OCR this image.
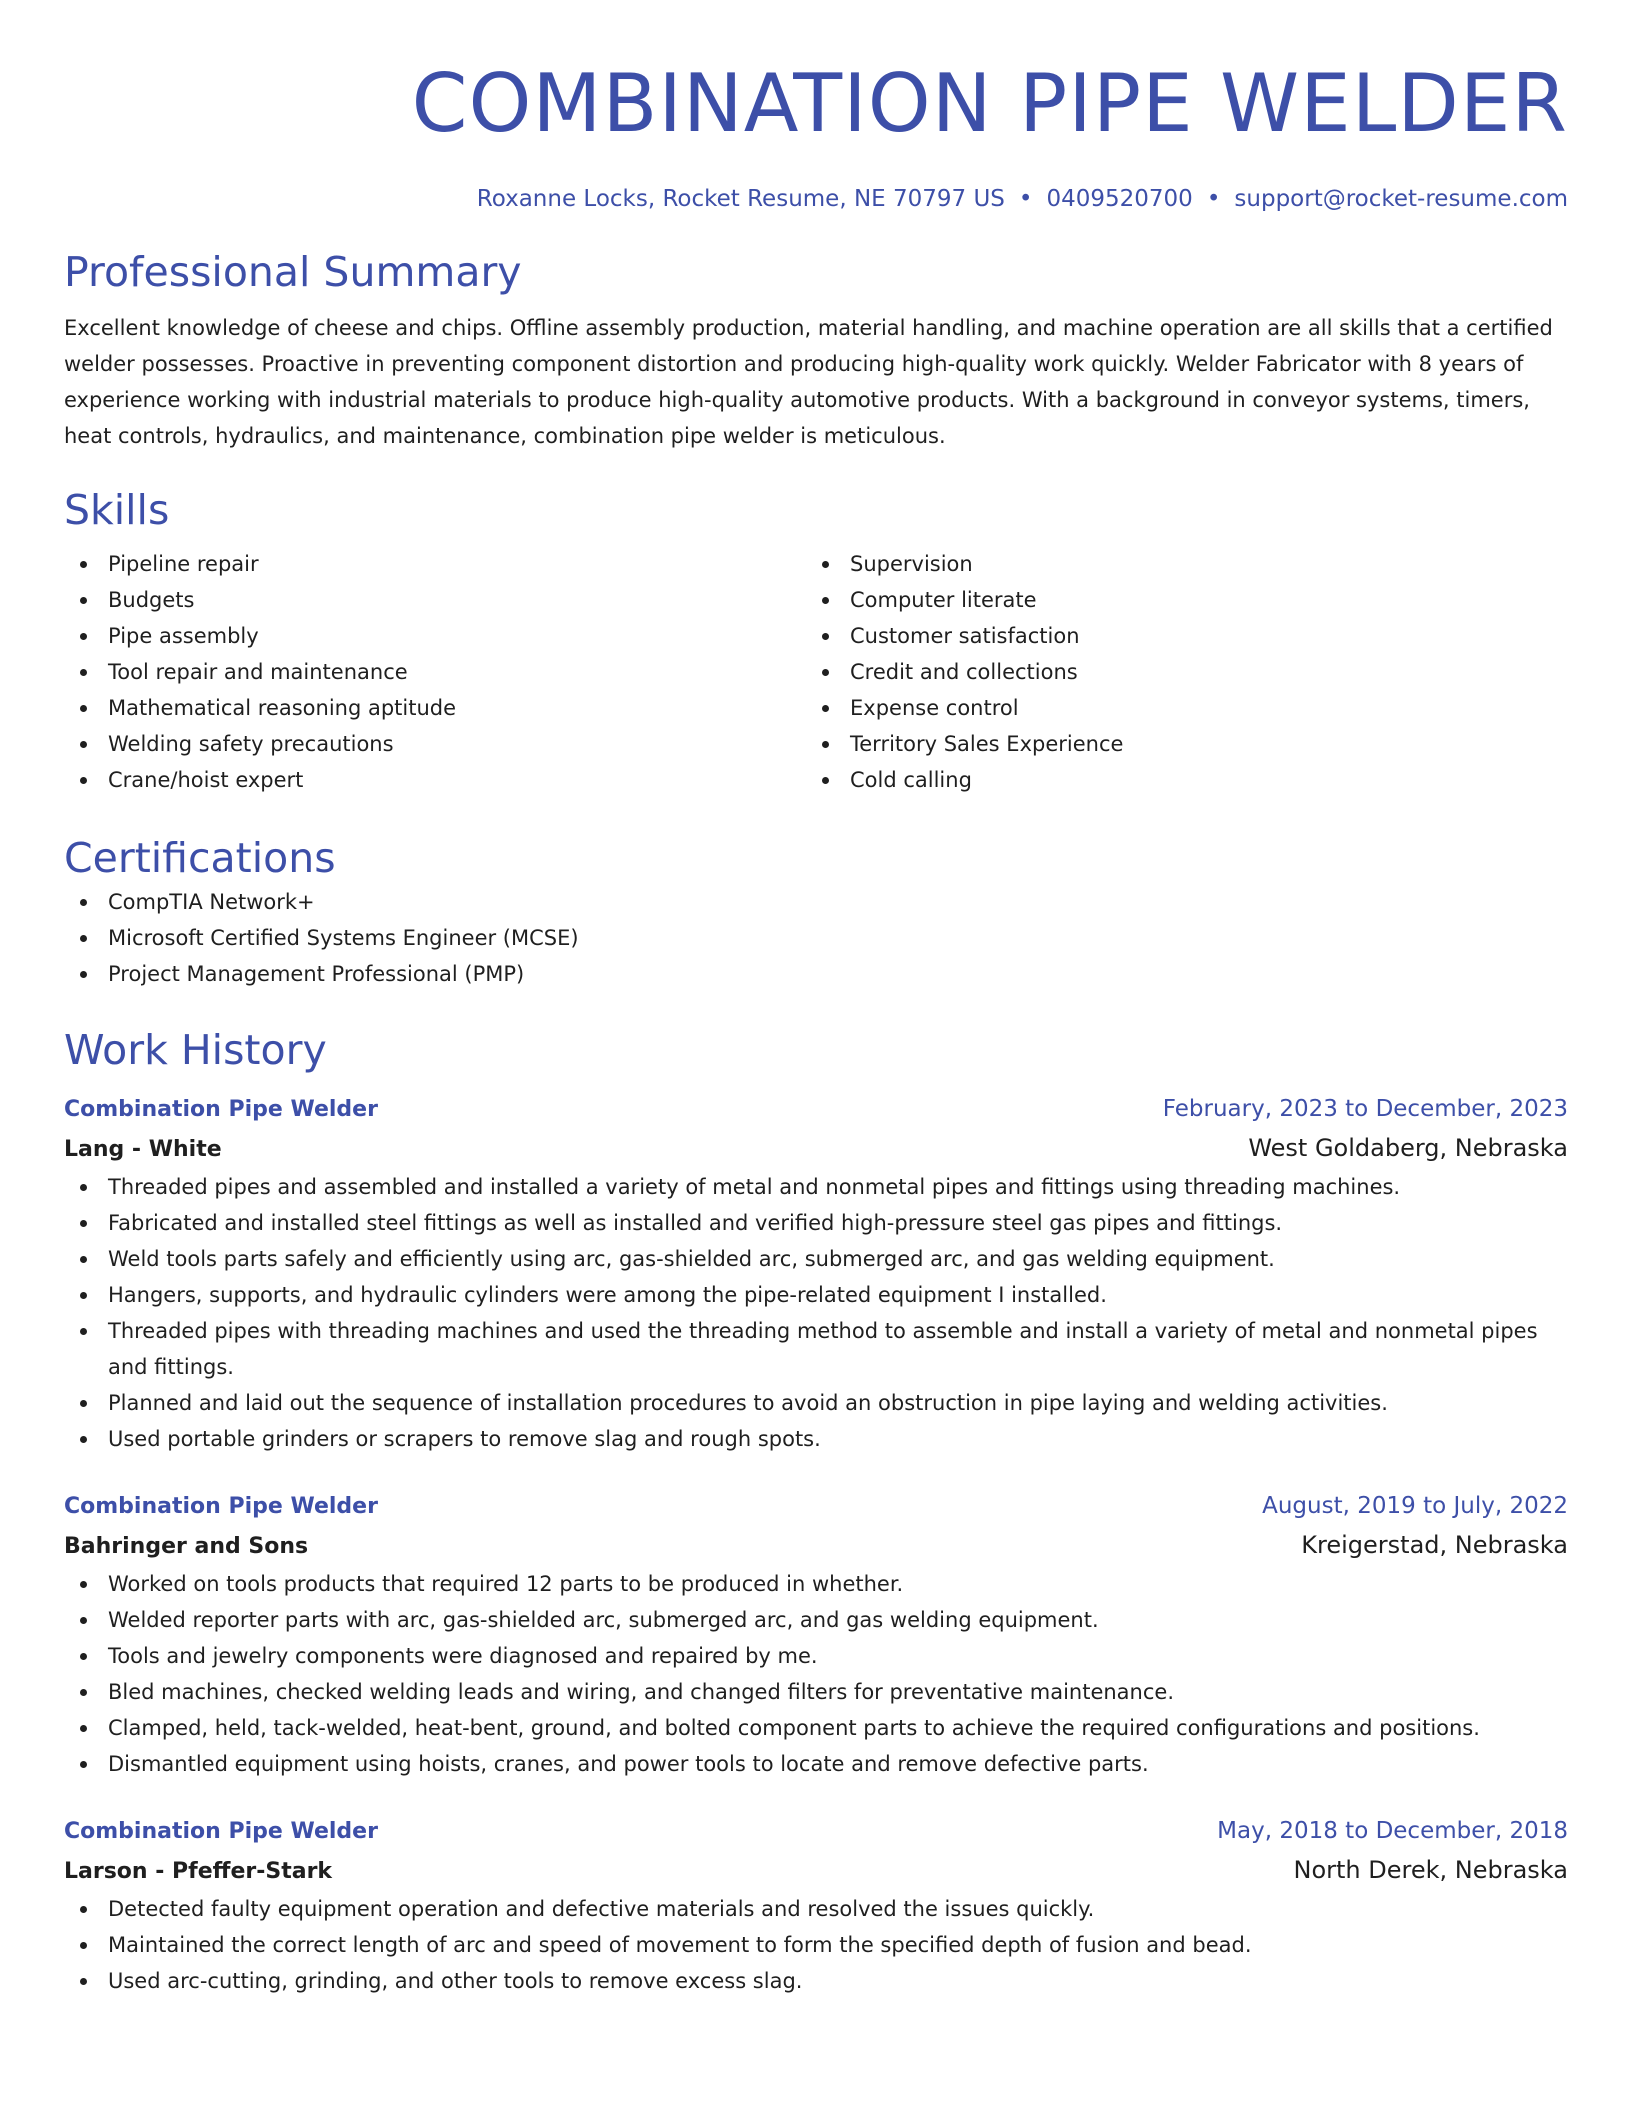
COMBINATION PIPE WELDER
Roxanne Locks, Rocket Resume, NE 70797 US • 0409520700 • support@rocket-resume.com
Professional Summary
Excellent knowledge of cheese and chips. Offline assembly production, material handling, and machine operation are all skills that a certified welder possesses. Proactive in preventing component distortion and producing high-quality work quickly. Welder Fabricator with 8 years of experience working with industrial materials to produce high-quality automotive products. With a background in conveyor systems, timers, heat controls, hydraulics, and maintenance, combination pipe welder is meticulous.
Skills
Pipeline repair
Budgets
Pipe assembly
Tool repair and maintenance
Mathematical reasoning aptitude
Welding safety precautions
Crane/hoist expert
Supervision
Computer literate
Customer satisfaction
Credit and collections
Expense control
Territory Sales Experience
Cold calling
Certifications
CompTIA Network+
Microsoft Certified Systems Engineer (MCSE)
Project Management Professional (PMP)
Work History
Combination Pipe Welder	February, 2023 to December, 2023
Lang - White	West Goldaberg, Nebraska
Threaded pipes and assembled and installed a variety of metal and nonmetal pipes and fittings using threading machines.
Fabricated and installed steel fittings as well as installed and verified high-pressure steel gas pipes and fittings.
Weld tools parts safely and efficiently using arc, gas-shielded arc, submerged arc, and gas welding equipment.
Hangers, supports, and hydraulic cylinders were among the pipe-related equipment I installed.
Threaded pipes with threading machines and used the threading method to assemble and install a variety of metal and nonmetal pipes and fittings.
Planned and laid out the sequence of installation procedures to avoid an obstruction in pipe laying and welding activities.
Used portable grinders or scrapers to remove slag and rough spots.
Combination Pipe Welder	August, 2019 to July, 2022
Bahringer and Sons	Kreigerstad, Nebraska
Worked on tools products that required 12 parts to be produced in whether.
Welded reporter parts with arc, gas-shielded arc, submerged arc, and gas welding equipment.
Tools and jewelry components were diagnosed and repaired by me.
Bled machines, checked welding leads and wiring, and changed filters for preventative maintenance.
Clamped, held, tack-welded, heat-bent, ground, and bolted component parts to achieve the required configurations and positions.
Dismantled equipment using hoists, cranes, and power tools to locate and remove defective parts.
Combination Pipe Welder	May, 2018 to December, 2018
Larson - Pfeffer-Stark	North Derek, Nebraska
Detected faulty equipment operation and defective materials and resolved the issues quickly.
Maintained the correct length of arc and speed of movement to form the specified depth of fusion and bead.
Used arc-cutting, grinding, and other tools to remove excess slag.
